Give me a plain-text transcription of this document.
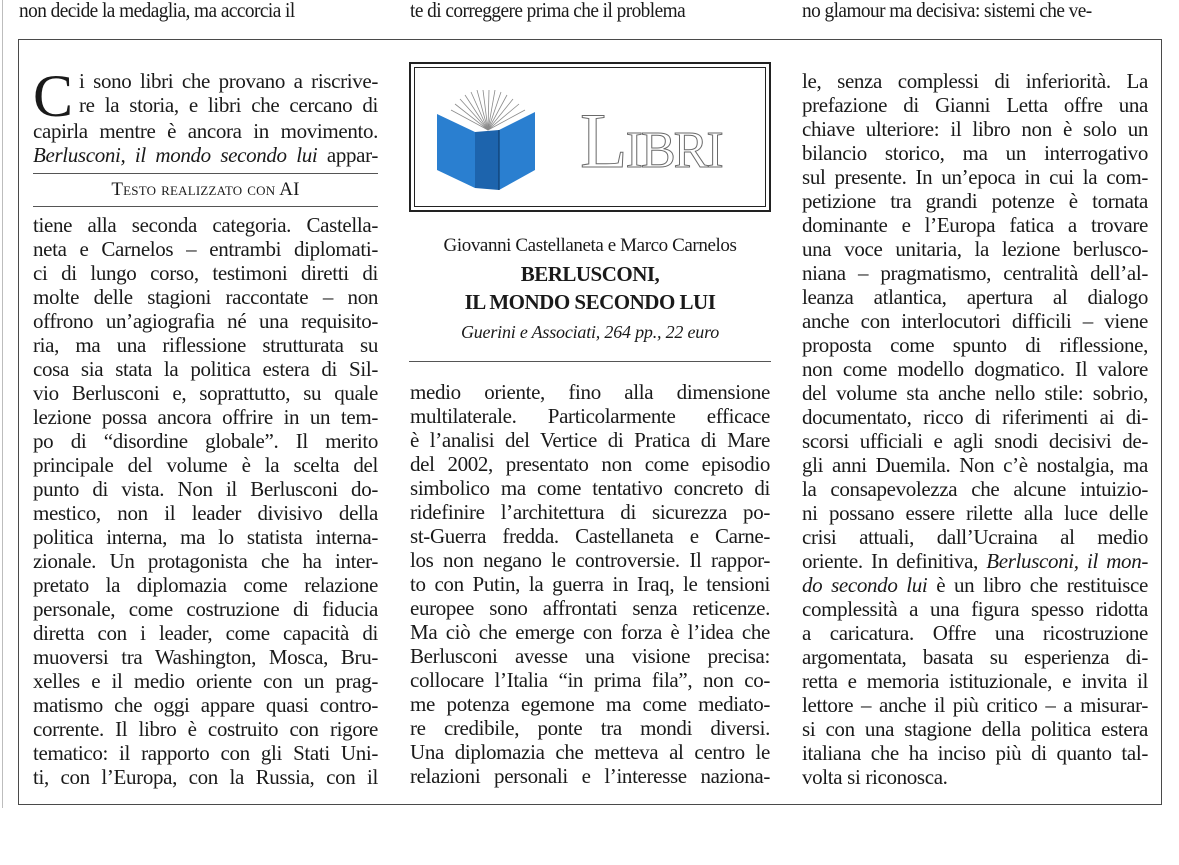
non decide la medaglia, ma accorcia il	te di correggere prima che il problema	no glamour ma decisiva: sistemi che ve-
C i sono libri che provano a riscrive-
re la storia, e libri che cercano di
capirla mentre è ancora in movimento.
Berlusconi, il mondo secondo lui appar-
Testo realizzato con AI
tiene alla seconda categoria. Castella-
neta e Carnelos – entrambi diplomati-
ci di lungo corso, testimoni diretti di
molte delle stagioni raccontate – non
offrono un’agiografia né una requisito-
ria, ma una riflessione strutturata su
cosa sia stata la politica estera di Sil-
vio Berlusconi e, soprattutto, su quale
lezione possa ancora offrire in un tem-
po di “disordine globale”. Il merito
principale del volume è la scelta del
punto di vista. Non il Berlusconi do-
mestico, non il leader divisivo della
politica interna, ma lo statista interna-
zionale. Un protagonista che ha inter-
pretato la diplomazia come relazione
personale, come costruzione di fiducia
diretta con i leader, come capacità di
muoversi tra Washington, Mosca, Bru-
xelles e il medio oriente con un prag-
matismo che oggi appare quasi contro-
corrente. Il libro è costruito con rigore
tematico: il rapporto con gli Stati Uni-
ti, con l’Europa, con la Russia, con il
LIBRI
Giovanni Castellaneta e Marco Carnelos
BERLUSCONI,
IL MONDO SECONDO LUI
Guerini e Associati, 264 pp., 22 euro
medio oriente, fino alla dimensione
multilaterale. Particolarmente efficace
è l’analisi del Vertice di Pratica di Mare
del 2002, presentato non come episodio
simbolico ma come tentativo concreto di
ridefinire l’architettura di sicurezza po-
st-Guerra fredda. Castellaneta e Carne-
los non negano le controversie. Il rappor-
to con Putin, la guerra in Iraq, le tensioni
europee sono affrontati senza reticenze.
Ma ciò che emerge con forza è l’idea che
Berlusconi avesse una visione precisa:
collocare l’Italia “in prima fila”, non co-
me potenza egemone ma come mediato-
re credibile, ponte tra mondi diversi.
Una diplomazia che metteva al centro le
relazioni personali e l’interesse naziona-
le, senza complessi di inferiorità. La
prefazione di Gianni Letta offre una
chiave ulteriore: il libro non è solo un
bilancio storico, ma un interrogativo
sul presente. In un’epoca in cui la com-
petizione tra grandi potenze è tornata
dominante e l’Europa fatica a trovare
una voce unitaria, la lezione berlusco-
niana – pragmatismo, centralità dell’al-
leanza atlantica, apertura al dialogo
anche con interlocutori difficili – viene
proposta come spunto di riflessione,
non come modello dogmatico. Il valore
del volume sta anche nello stile: sobrio,
documentato, ricco di riferimenti ai di-
scorsi ufficiali e agli snodi decisivi de-
gli anni Duemila. Non c’è nostalgia, ma
la consapevolezza che alcune intuizio-
ni possano essere rilette alla luce delle
crisi attuali, dall’Ucraina al medio
oriente. In definitiva, Berlusconi, il mon-
do secondo lui è un libro che restituisce
complessità a una figura spesso ridotta
a caricatura. Offre una ricostruzione
argomentata, basata su esperienza di-
retta e memoria istituzionale, e invita il
lettore – anche il più critico – a misurar-
si con una stagione della politica estera
italiana che ha inciso più di quanto tal-
volta si riconosca.
